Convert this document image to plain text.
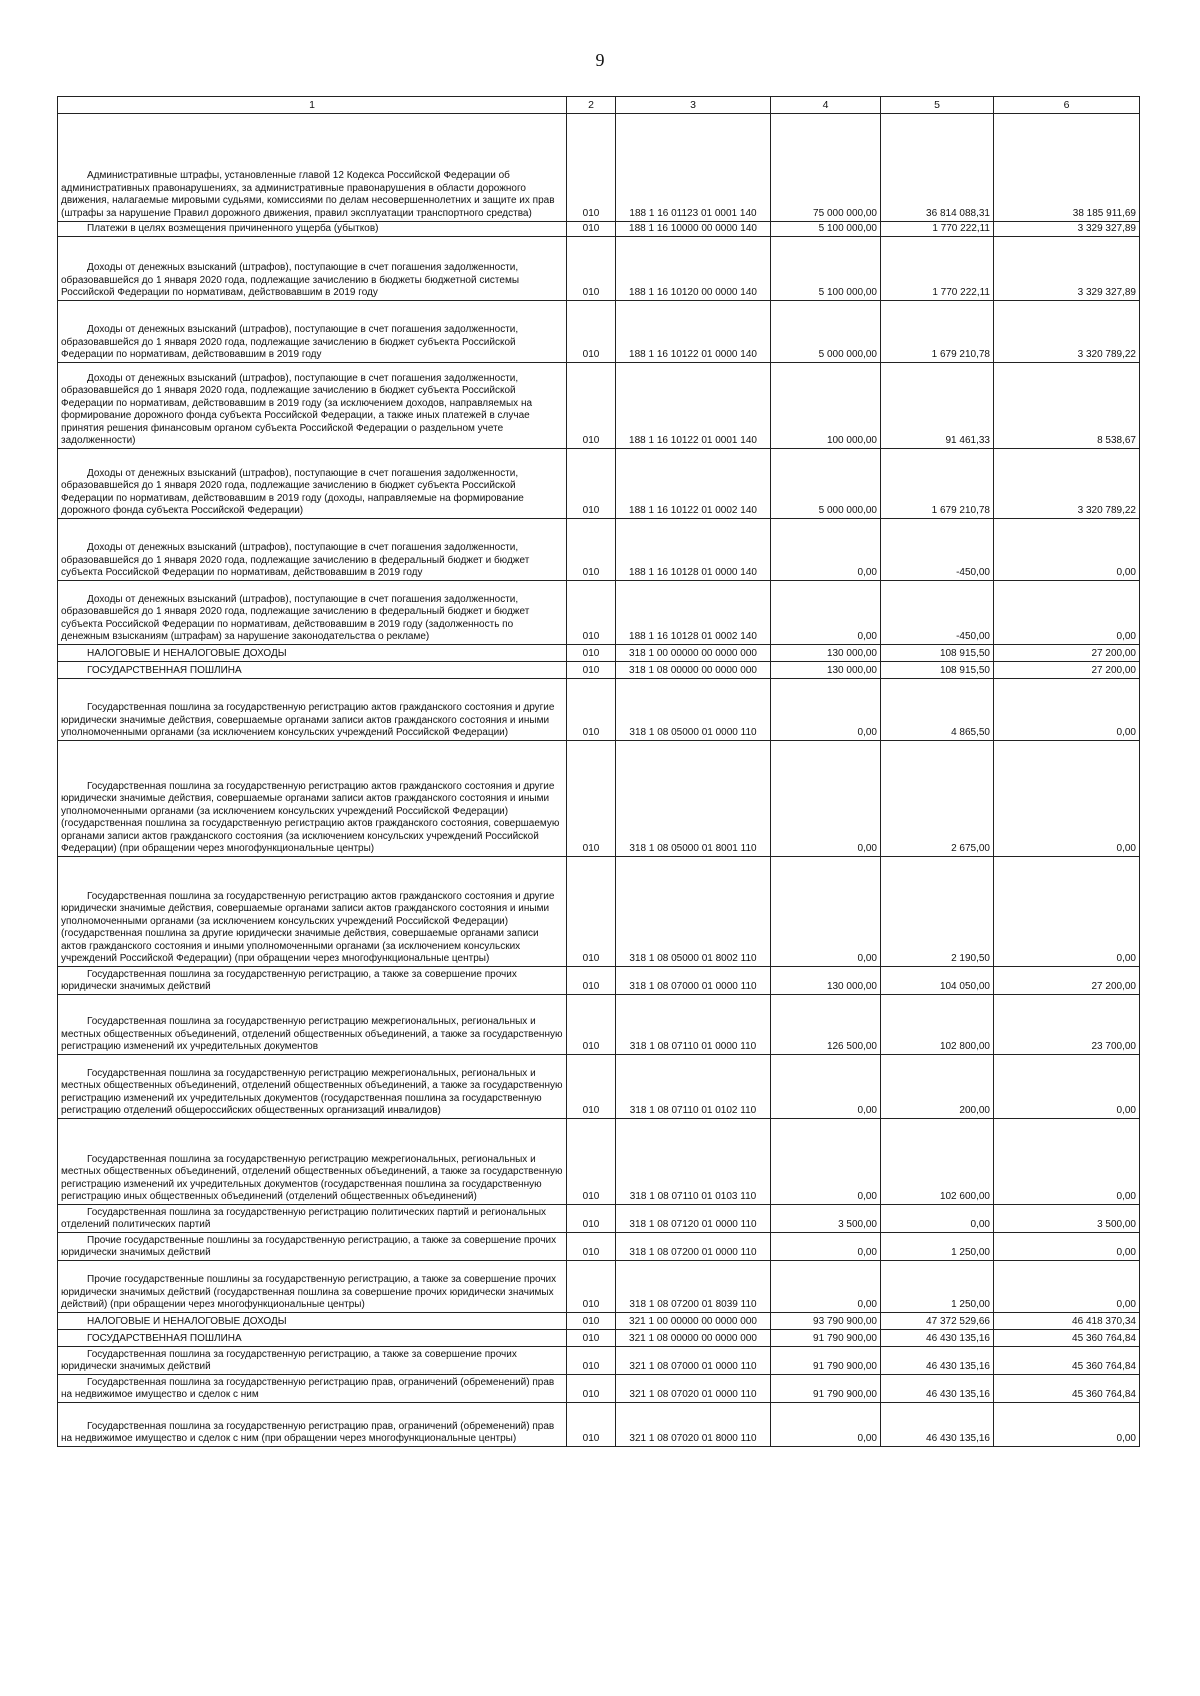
9
1	2	3	4	5	6

Административные штрафы, установленные главой 12 Кодекса Российской Федерации об административных правонарушениях, за административные правонарушения в области дорожного движения, налагаемые мировыми судьями, комиссиями по делам несовершеннолетних и защите их прав (штрафы за нарушение Правил дорожного движения, правил эксплуатации транспортного средства)	010	188 1 16 01123 01 0001 140	75 000 000,00	36 814 088,31	38 185 911,69

Платежи в целях возмещения причиненного ущерба (убытков)	010	188 1 16 10000 00 0000 140	5 100 000,00	1 770 222,11	3 329 327,89

Доходы от денежных взысканий (штрафов), поступающие в счет погашения задолженности, образовавшейся до 1 января 2020 года, подлежащие зачислению в бюджеты бюджетной системы Российской Федерации по нормативам, действовавшим в 2019 году	010	188 1 16 10120 00 0000 140	5 100 000,00	1 770 222,11	3 329 327,89

Доходы от денежных взысканий (штрафов), поступающие в счет погашения задолженности, образовавшейся до 1 января 2020 года, подлежащие зачислению в бюджет субъекта Российской Федерации по нормативам, действовавшим в 2019 году	010	188 1 16 10122 01 0000 140	5 000 000,00	1 679 210,78	3 320 789,22

Доходы от денежных взысканий (штрафов), поступающие в счет погашения задолженности, образовавшейся до 1 января 2020 года, подлежащие зачислению в бюджет субъекта Российской Федерации по нормативам, действовавшим в 2019 году (за исключением доходов, направляемых на формирование дорожного фонда субъекта Российской Федерации, а также иных платежей в случае принятия решения финансовым органом субъекта Российской Федерации о раздельном учете задолженности)	010	188 1 16 10122 01 0001 140	100 000,00	91 461,33	8 538,67

Доходы от денежных взысканий (штрафов), поступающие в счет погашения задолженности, образовавшейся до 1 января 2020 года, подлежащие зачислению в бюджет субъекта Российской Федерации по нормативам, действовавшим в 2019 году (доходы, направляемые на формирование дорожного фонда субъекта Российской Федерации)	010	188 1 16 10122 01 0002 140	5 000 000,00	1 679 210,78	3 320 789,22

Доходы от денежных взысканий (штрафов), поступающие в счет погашения задолженности, образовавшейся до 1 января 2020 года, подлежащие зачислению в федеральный бюджет и бюджет субъекта Российской Федерации по нормативам, действовавшим в 2019 году	010	188 1 16 10128 01 0000 140	0,00	-450,00	0,00

Доходы от денежных взысканий (штрафов), поступающие в счет погашения задолженности, образовавшейся до 1 января 2020 года, подлежащие зачислению в федеральный бюджет и бюджет субъекта Российской Федерации по нормативам, действовавшим в 2019 году (задолженность по денежным взысканиям (штрафам) за нарушение законодательства о рекламе)	010	188 1 16 10128 01 0002 140	0,00	-450,00	0,00

НАЛОГОВЫЕ И НЕНАЛОГОВЫЕ ДОХОДЫ	010	318 1 00 00000 00 0000 000	130 000,00	108 915,50	27 200,00

ГОСУДАРСТВЕННАЯ ПОШЛИНА	010	318 1 08 00000 00 0000 000	130 000,00	108 915,50	27 200,00

Государственная пошлина за государственную регистрацию актов гражданского состояния и другие юридически значимые действия, совершаемые органами записи актов гражданского состояния и иными уполномоченными органами (за исключением консульских учреждений Российской Федерации)	010	318 1 08 05000 01 0000 110	0,00	4 865,50	0,00

Государственная пошлина за государственную регистрацию актов гражданского состояния и другие юридически значимые действия, совершаемые органами записи актов гражданского состояния и иными уполномоченными органами (за исключением консульских учреждений Российской Федерации) (государственная пошлина за государственную регистрацию актов гражданского состояния, совершаемую органами записи актов гражданского состояния (за исключением консульских учреждений Российской Федерации) (при обращении через многофункциональные центры)	010	318 1 08 05000 01 8001 110	0,00	2 675,00	0,00

Государственная пошлина за государственную регистрацию актов гражданского состояния и другие юридически значимые действия, совершаемые органами записи актов гражданского состояния и иными уполномоченными органами (за исключением консульских учреждений Российской Федерации) (государственная пошлина за другие юридически значимые действия, совершаемые органами записи актов гражданского состояния и иными уполномоченными органами (за исключением консульских учреждений Российской Федерации) (при обращении через многофункциональные центры)	010	318 1 08 05000 01 8002 110	0,00	2 190,50	0,00

Государственная пошлина за государственную регистрацию, а также за совершение прочих юридически значимых действий	010	318 1 08 07000 01 0000 110	130 000,00	104 050,00	27 200,00

Государственная пошлина за государственную регистрацию межрегиональных, региональных и местных общественных объединений, отделений общественных объединений, а также за государственную регистрацию изменений их учредительных документов	010	318 1 08 07110 01 0000 110	126 500,00	102 800,00	23 700,00

Государственная пошлина за государственную регистрацию межрегиональных, региональных и местных общественных объединений, отделений общественных объединений, а также за государственную регистрацию изменений их учредительных документов (государственная пошлина за государственную регистрацию отделений общероссийских общественных организаций инвалидов)	010	318 1 08 07110 01 0102 110	0,00	200,00	0,00

Государственная пошлина за государственную регистрацию межрегиональных, региональных и местных общественных объединений, отделений общественных объединений, а также за государственную регистрацию изменений их учредительных документов (государственная пошлина за государственную регистрацию иных общественных объединений (отделений общественных объединений)	010	318 1 08 07110 01 0103 110	0,00	102 600,00	0,00

Государственная пошлина за государственную регистрацию политических партий и региональных отделений политических партий	010	318 1 08 07120 01 0000 110	3 500,00	0,00	3 500,00

Прочие государственные пошлины за государственную регистрацию, а также за совершение прочих юридически значимых действий	010	318 1 08 07200 01 0000 110	0,00	1 250,00	0,00

Прочие государственные пошлины за государственную регистрацию, а также за совершение прочих юридически значимых действий (государственная пошлина за совершение прочих юридически значимых действий) (при обращении через многофункциональные центры)	010	318 1 08 07200 01 8039 110	0,00	1 250,00	0,00

НАЛОГОВЫЕ И НЕНАЛОГОВЫЕ ДОХОДЫ	010	321 1 00 00000 00 0000 000	93 790 900,00	47 372 529,66	46 418 370,34

ГОСУДАРСТВЕННАЯ ПОШЛИНА	010	321 1 08 00000 00 0000 000	91 790 900,00	46 430 135,16	45 360 764,84

Государственная пошлина за государственную регистрацию, а также за совершение прочих юридически значимых действий	010	321 1 08 07000 01 0000 110	91 790 900,00	46 430 135,16	45 360 764,84

Государственная пошлина за государственную регистрацию прав, ограничений (обременений) прав на недвижимое имущество и сделок с ним	010	321 1 08 07020 01 0000 110	91 790 900,00	46 430 135,16	45 360 764,84

Государственная пошлина за государственную регистрацию прав, ограничений (обременений) прав на недвижимое имущество и сделок с ним (при обращении через многофункциональные центры)	010	321 1 08 07020 01 8000 110	0,00	46 430 135,16	0,00
